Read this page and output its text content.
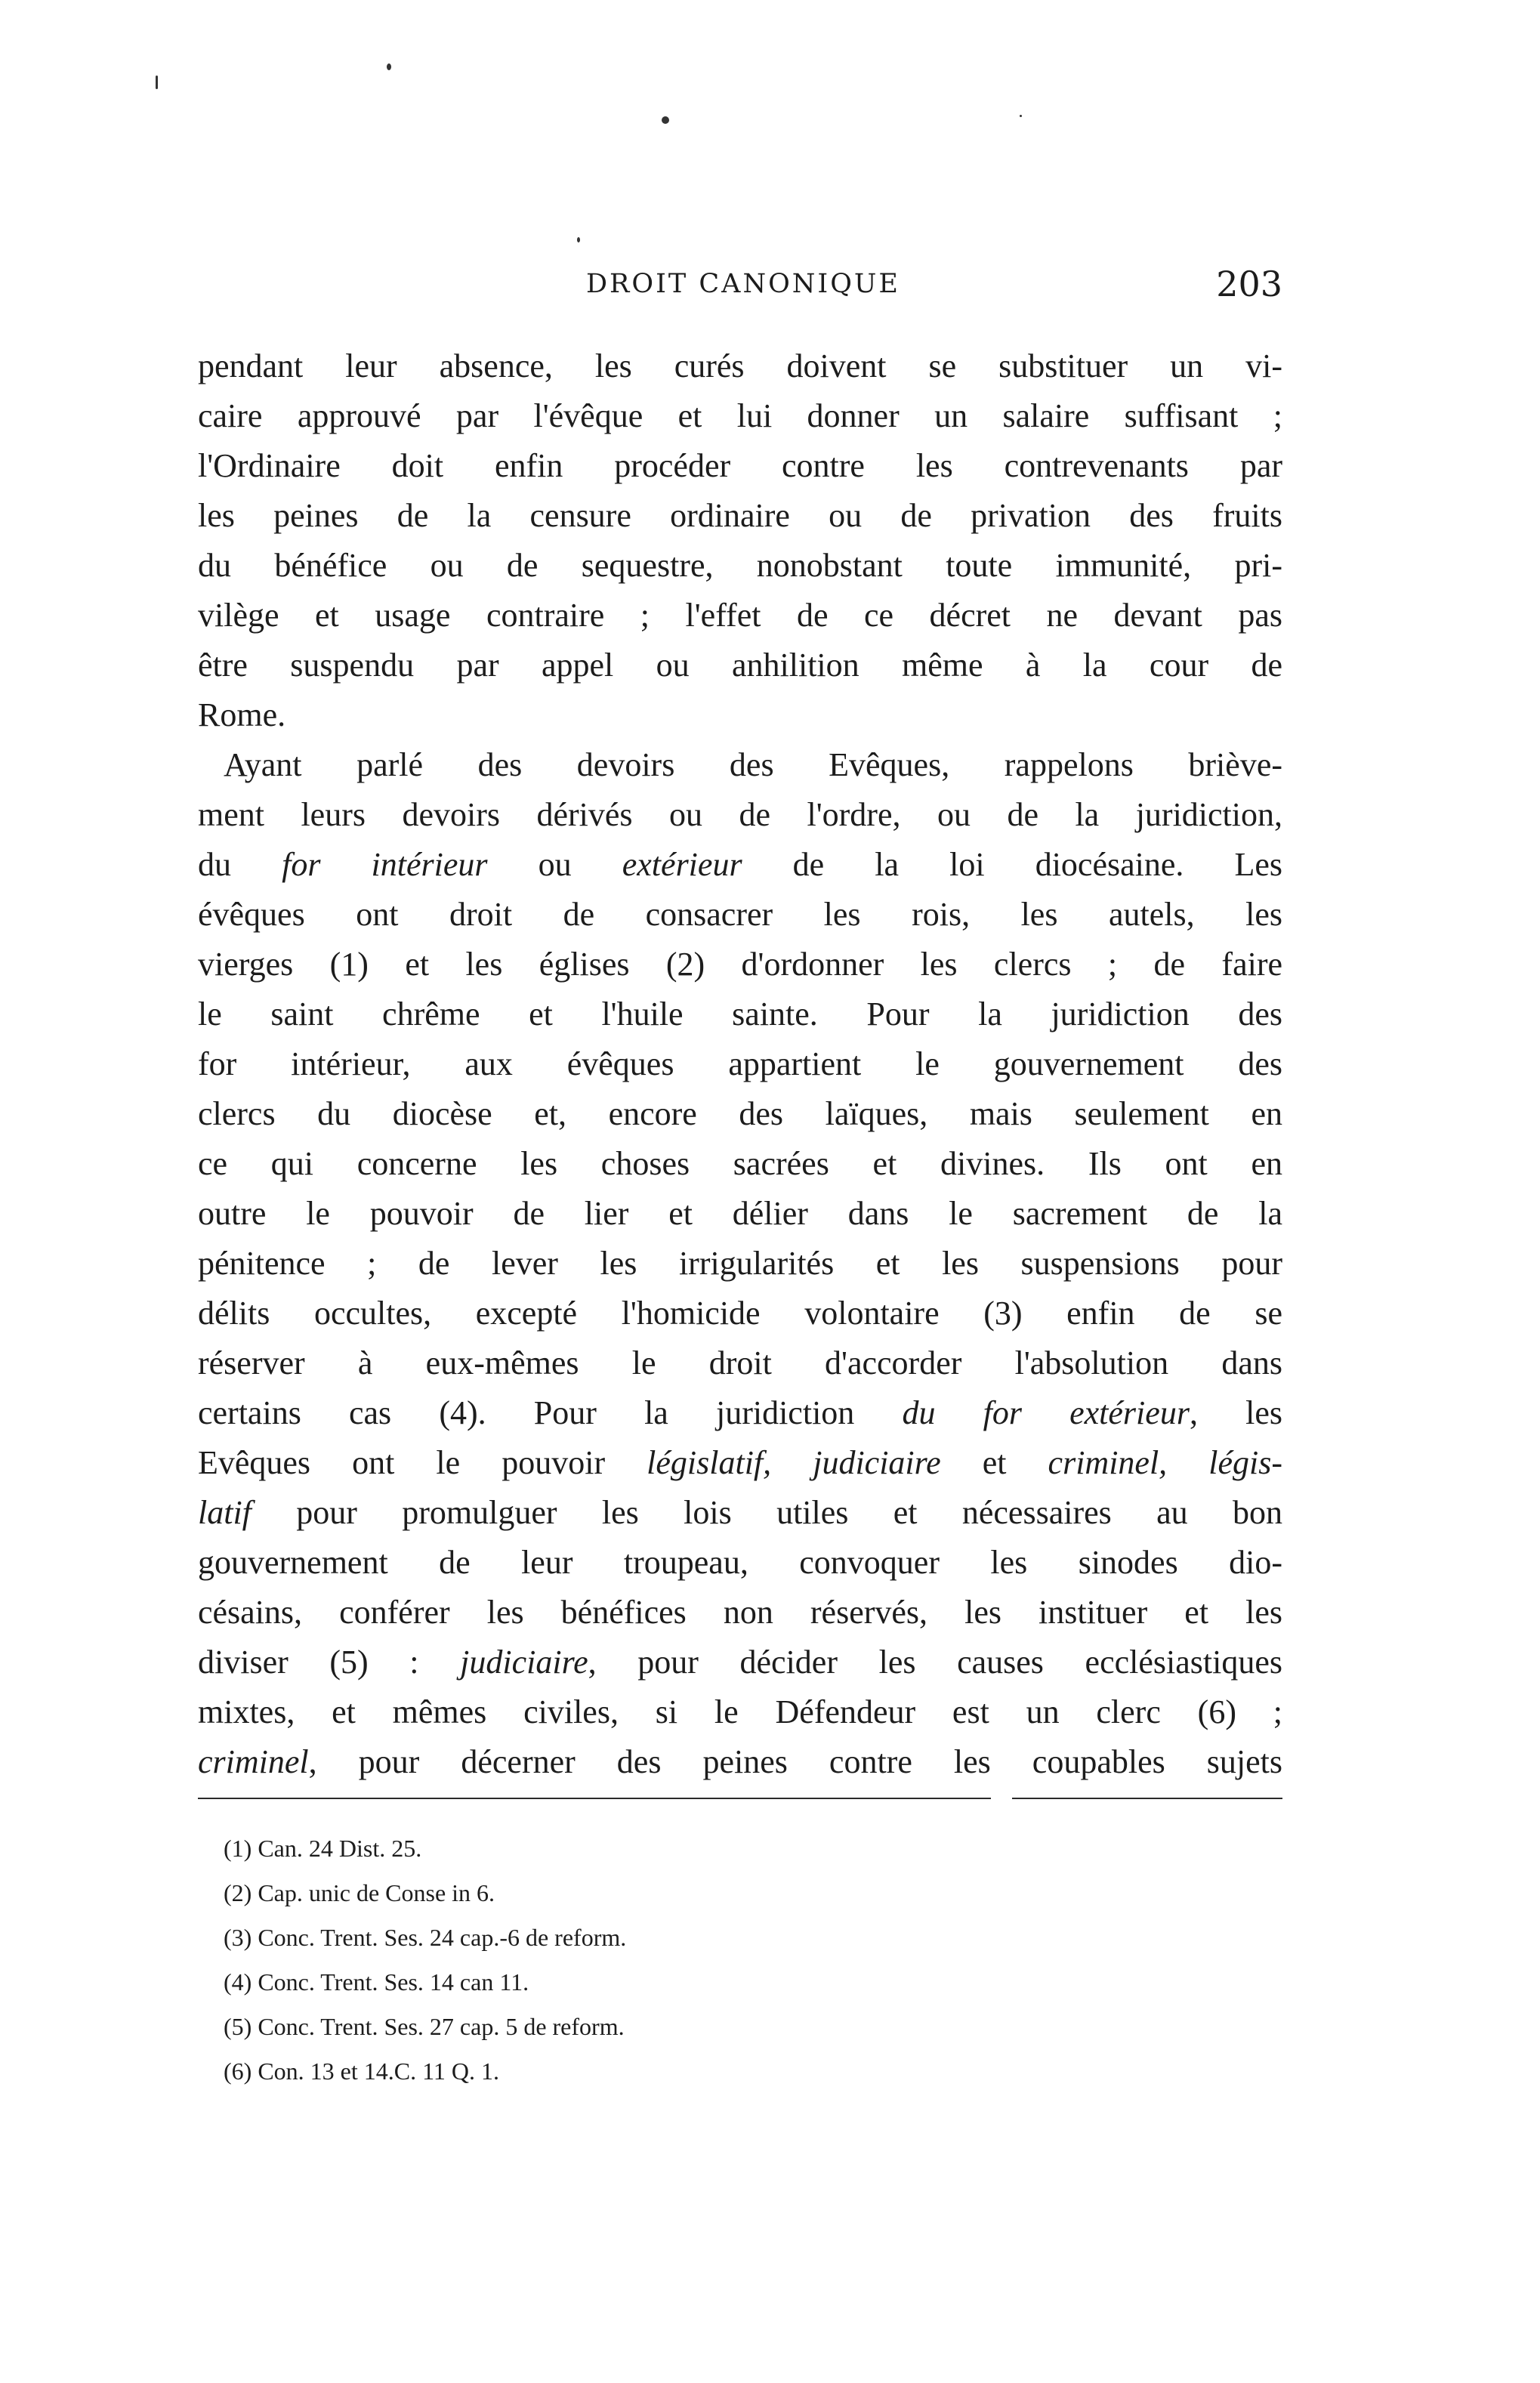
DROIT CANONIQUE	203
pendant leur absence, les curés doivent se substituer un vi-
caire approuvé par l'évêque et lui donner un salaire suffisant ;
l'Ordinaire doit enfin procéder contre les contrevenants par
les peines de la censure ordinaire ou de privation des fruits
du bénéfice ou de sequestre, nonobstant toute immunité, pri-
vilège et usage contraire ; l'effet de ce décret ne devant pas
être suspendu par appel ou anhilition même à la cour de
Rome.
Ayant parlé des devoirs des Evêques, rappelons briève-
ment leurs devoirs dérivés ou de l'ordre, ou de la juridiction,
du for intérieur ou extérieur de la loi diocésaine. Les
évêques ont droit de consacrer les rois, les autels, les
vierges (1) et les églises (2) d'ordonner les clercs ; de faire
le saint chrême et l'huile sainte. Pour la juridiction des
for intérieur, aux évêques appartient le gouvernement des
clercs du diocèse et, encore des laïques, mais seulement en
ce qui concerne les choses sacrées et divines. Ils ont en
outre le pouvoir de lier et délier dans le sacrement de la
pénitence ; de lever les irrigularités et les suspensions pour
délits occultes, excepté l'homicide volontaire (3) enfin de se
réserver à eux-mêmes le droit d'accorder l'absolution dans
certains cas (4). Pour la juridiction du for extérieur, les
Evêques ont le pouvoir législatif, judiciaire et criminel, légis-
latif pour promulguer les lois utiles et nécessaires au bon
gouvernement de leur troupeau, convoquer les sinodes dio-
césains, conférer les bénéfices non réservés, les instituer et les
diviser (5) : judiciaire, pour décider les causes ecclésiastiques
mixtes, et mêmes civiles, si le Défendeur est un clerc (6) ;
criminel, pour décerner des peines contre les coupables sujets
(1) Can. 24 Dist. 25.
(2) Cap. unic de Conse in 6.
(3) Conc. Trent. Ses. 24 cap.-6 de reform.
(4) Conc. Trent. Ses. 14 can 11.
(5) Conc. Trent. Ses. 27 cap. 5 de reform.
(6) Con. 13 et 14.C. 11 Q. 1.
